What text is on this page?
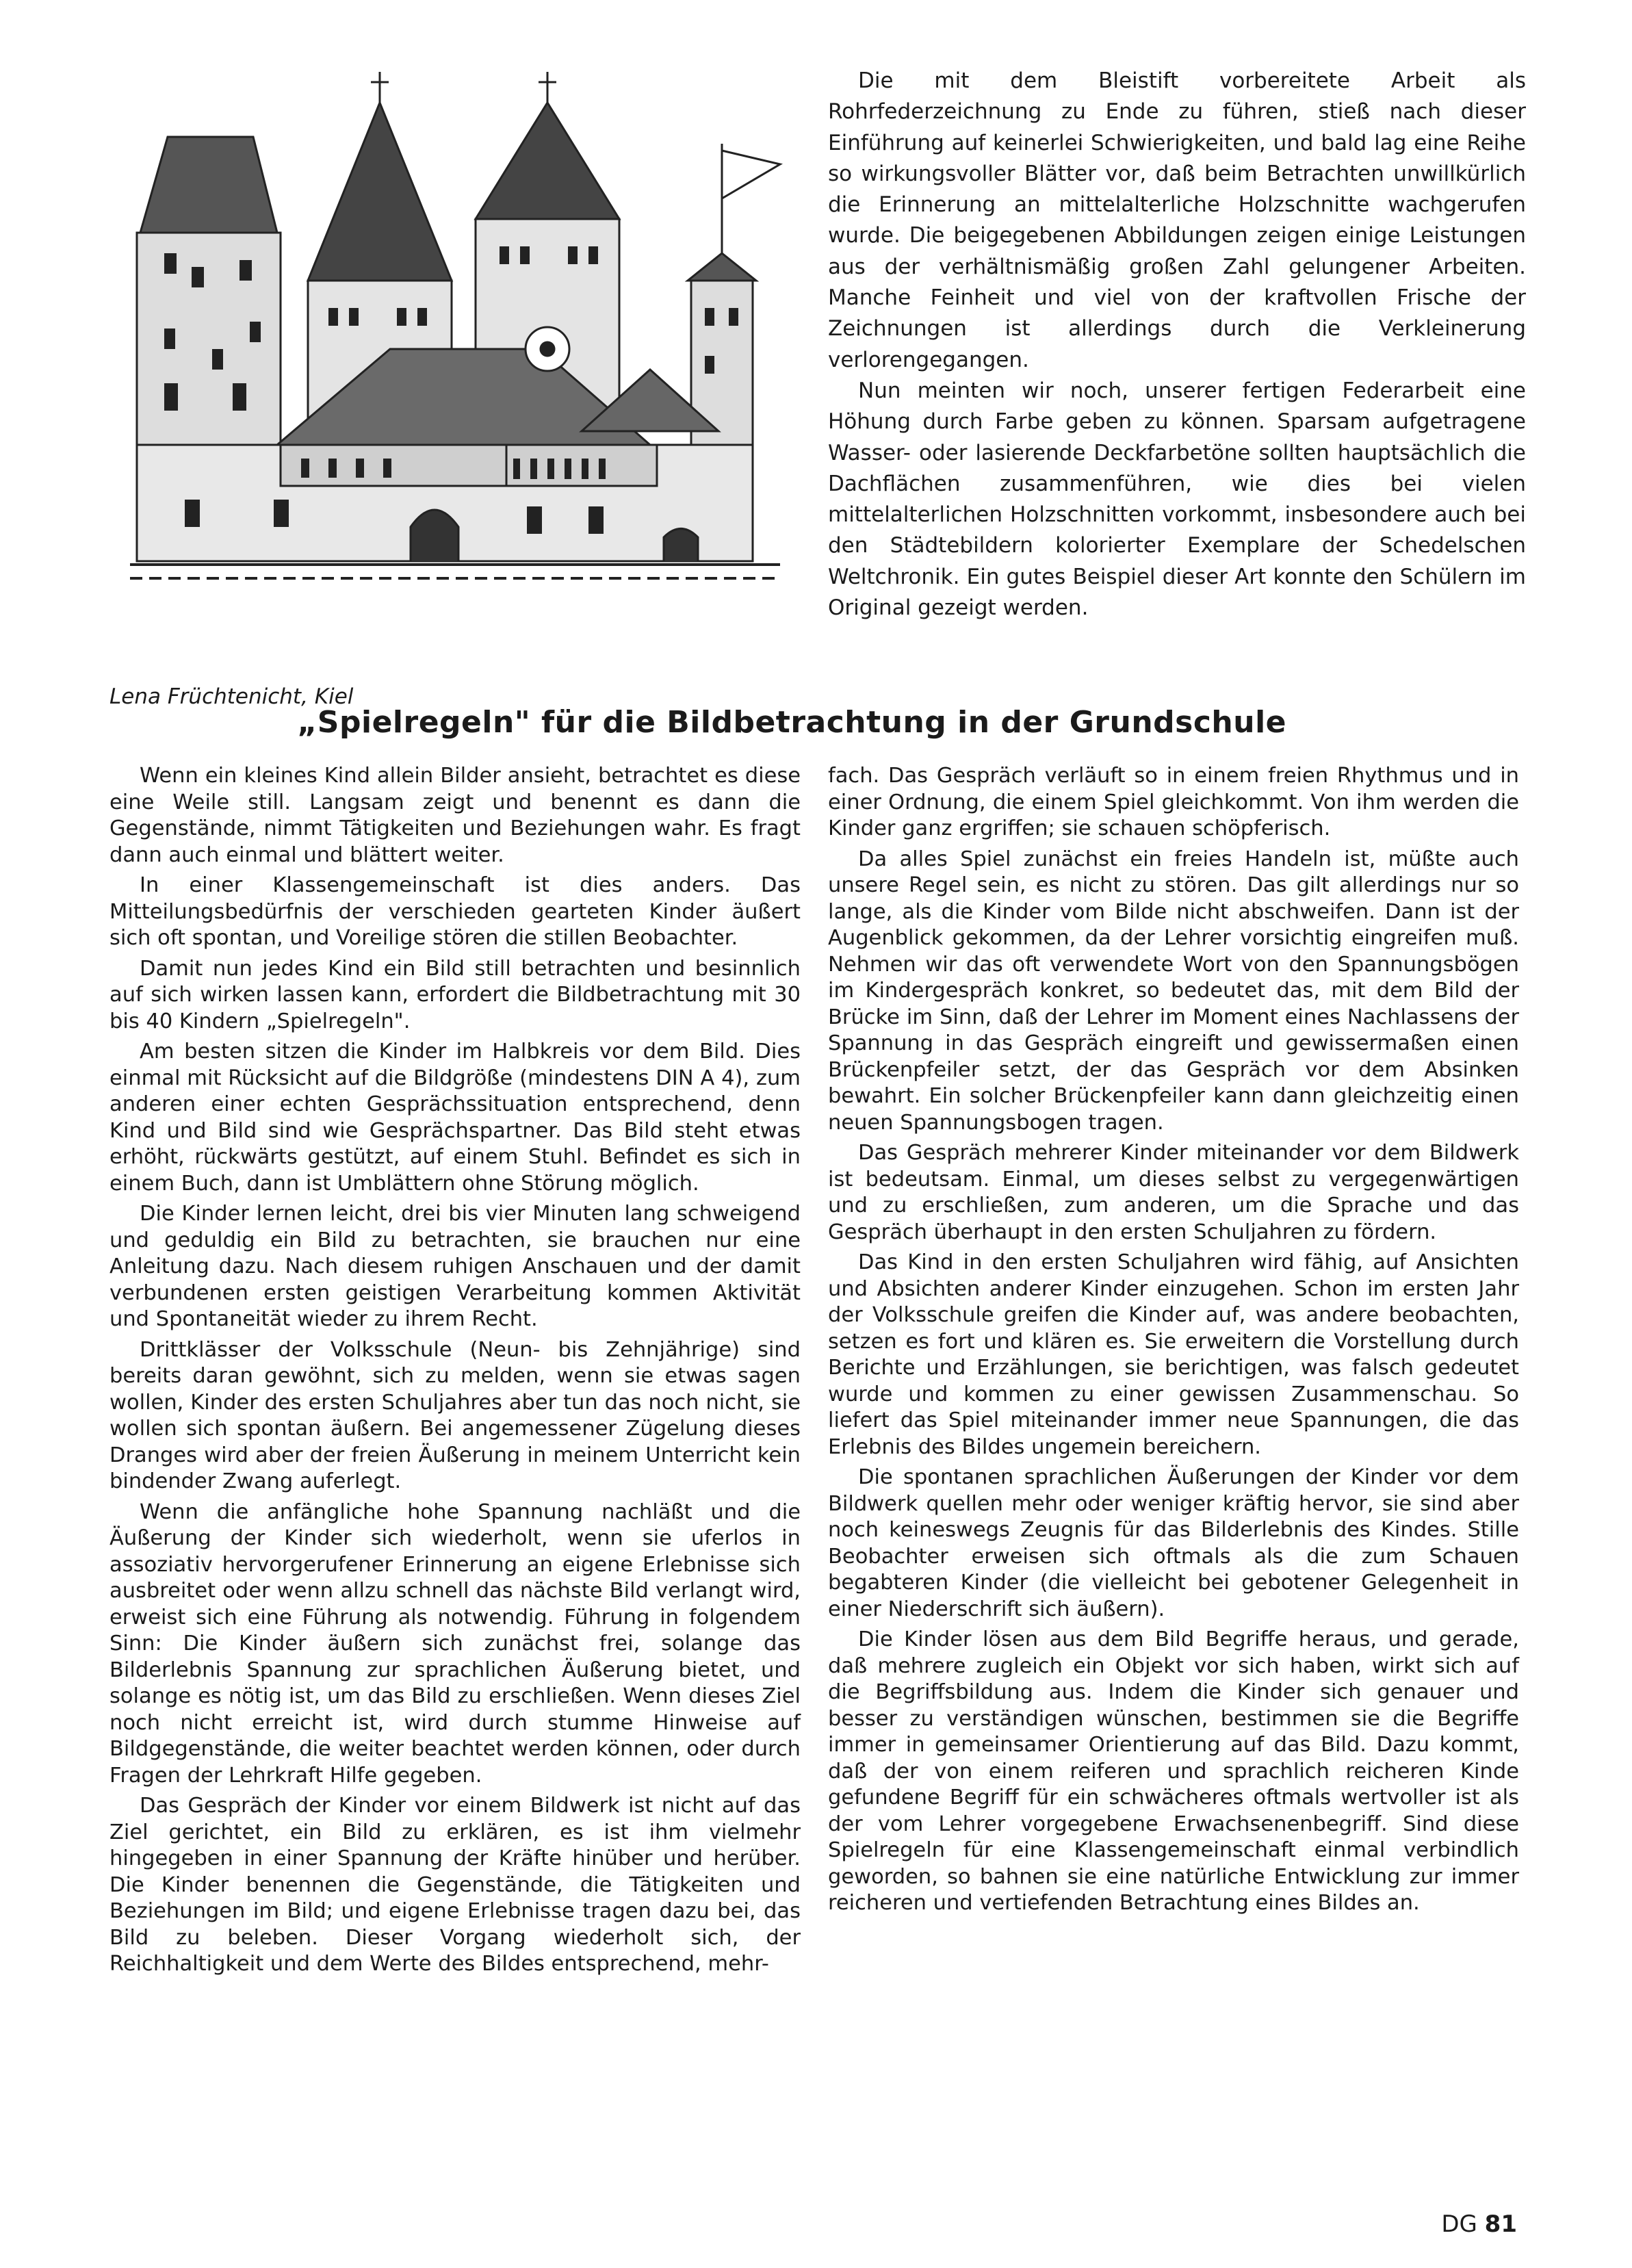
Die mit dem Bleistift vorbereitete Arbeit als Rohrfederzeichnung zu Ende zu führen, stieß nach dieser Einführung auf keinerlei Schwierigkeiten, und bald lag eine Reihe so wirkungsvoller Blätter vor, daß beim Betrachten unwillkürlich die Erinnerung an mittelalterliche Holzschnitte wachgerufen wurde. Die beigegebenen Abbildungen zeigen einige Leistungen aus der verhältnismäßig großen Zahl gelungener Arbeiten. Manche Feinheit und viel von der kraftvollen Frische der Zeichnungen ist allerdings durch die Verkleinerung verlorengegangen.

Nun meinten wir noch, unserer fertigen Federarbeit eine Höhung durch Farbe geben zu können. Sparsam aufgetragene Wasser- oder lasierende Deckfarbetöne sollten hauptsächlich die Dachflächen zusammenführen, wie dies bei vielen mittelalterlichen Holzschnitten vorkommt, insbesondere auch bei den Städtebildern kolorierter Exemplare der Schedelschen Weltchronik. Ein gutes Beispiel dieser Art konnte den Schülern im Original gezeigt werden.

Lena Früchtenicht, Kiel
„Spielregeln" für die Bildbetrachtung in der Grundschule

Wenn ein kleines Kind allein Bilder ansieht, betrachtet es diese eine Weile still. Langsam zeigt und benennt es dann die Gegenstände, nimmt Tätigkeiten und Beziehungen wahr. Es fragt dann auch einmal und blättert weiter.

In einer Klassengemeinschaft ist dies anders. Das Mitteilungsbedürfnis der verschieden gearteten Kinder äußert sich oft spontan, und Voreilige stören die stillen Beobachter.

Damit nun jedes Kind ein Bild still betrachten und besinnlich auf sich wirken lassen kann, erfordert die Bildbetrachtung mit 30 bis 40 Kindern „Spielregeln".

Am besten sitzen die Kinder im Halbkreis vor dem Bild. Dies einmal mit Rücksicht auf die Bildgröße (mindestens DIN A 4), zum anderen einer echten Gesprächssituation entsprechend, denn Kind und Bild sind wie Gesprächspartner. Das Bild steht etwas erhöht, rückwärts gestützt, auf einem Stuhl. Befindet es sich in einem Buch, dann ist Umblättern ohne Störung möglich.

Die Kinder lernen leicht, drei bis vier Minuten lang schweigend und geduldig ein Bild zu betrachten, sie brauchen nur eine Anleitung dazu. Nach diesem ruhigen Anschauen und der damit verbundenen ersten geistigen Verarbeitung kommen Aktivität und Spontaneität wieder zu ihrem Recht.

Drittklässer der Volksschule (Neun- bis Zehnjährige) sind bereits daran gewöhnt, sich zu melden, wenn sie etwas sagen wollen, Kinder des ersten Schuljahres aber tun das noch nicht, sie wollen sich spontan äußern. Bei angemessener Zügelung dieses Dranges wird aber der freien Äußerung in meinem Unterricht kein bindender Zwang auferlegt.

Wenn die anfängliche hohe Spannung nachläßt und die Äußerung der Kinder sich wiederholt, wenn sie uferlos in assoziativ hervorgerufener Erinnerung an eigene Erlebnisse sich ausbreitet oder wenn allzu schnell das nächste Bild verlangt wird, erweist sich eine Führung als notwendig. Führung in folgendem Sinn: Die Kinder äußern sich zunächst frei, solange das Bilderlebnis Spannung zur sprachlichen Äußerung bietet, und solange es nötig ist, um das Bild zu erschließen. Wenn dieses Ziel noch nicht erreicht ist, wird durch stumme Hinweise auf Bildgegenstände, die weiter beachtet werden können, oder durch Fragen der Lehrkraft Hilfe gegeben.

Das Gespräch der Kinder vor einem Bildwerk ist nicht auf das Ziel gerichtet, ein Bild zu erklären, es ist ihm vielmehr hingegeben in einer Spannung der Kräfte hinüber und herüber. Die Kinder benennen die Gegenstände, die Tätigkeiten und Beziehungen im Bild; und eigene Erlebnisse tragen dazu bei, das Bild zu beleben. Dieser Vorgang wiederholt sich, der Reichhaltigkeit und dem Werte des Bildes entsprechend, mehr-

fach. Das Gespräch verläuft so in einem freien Rhythmus und in einer Ordnung, die einem Spiel gleichkommt. Von ihm werden die Kinder ganz ergriffen; sie schauen schöpferisch.

Da alles Spiel zunächst ein freies Handeln ist, müßte auch unsere Regel sein, es nicht zu stören. Das gilt allerdings nur so lange, als die Kinder vom Bilde nicht abschweifen. Dann ist der Augenblick gekommen, da der Lehrer vorsichtig eingreifen muß. Nehmen wir das oft verwendete Wort von den Spannungsbögen im Kindergespräch konkret, so bedeutet das, mit dem Bild der Brücke im Sinn, daß der Lehrer im Moment eines Nachlassens der Spannung in das Gespräch eingreift und gewissermaßen einen Brückenpfeiler setzt, der das Gespräch vor dem Absinken bewahrt. Ein solcher Brückenpfeiler kann dann gleichzeitig einen neuen Spannungsbogen tragen.

Das Gespräch mehrerer Kinder miteinander vor dem Bildwerk ist bedeutsam. Einmal, um dieses selbst zu vergegenwärtigen und zu erschließen, zum anderen, um die Sprache und das Gespräch überhaupt in den ersten Schuljahren zu fördern.

Das Kind in den ersten Schuljahren wird fähig, auf Ansichten und Absichten anderer Kinder einzugehen. Schon im ersten Jahr der Volksschule greifen die Kinder auf, was andere beobachten, setzen es fort und klären es. Sie erweitern die Vorstellung durch Berichte und Erzählungen, sie berichtigen, was falsch gedeutet wurde und kommen zu einer gewissen Zusammenschau. So liefert das Spiel miteinander immer neue Spannungen, die das Erlebnis des Bildes ungemein bereichern.

Die spontanen sprachlichen Äußerungen der Kinder vor dem Bildwerk quellen mehr oder weniger kräftig hervor, sie sind aber noch keineswegs Zeugnis für das Bilderlebnis des Kindes. Stille Beobachter erweisen sich oftmals als die zum Schauen begabteren Kinder (die vielleicht bei gebotener Gelegenheit in einer Niederschrift sich äußern).

Die Kinder lösen aus dem Bild Begriffe heraus, und gerade, daß mehrere zugleich ein Objekt vor sich haben, wirkt sich auf die Begriffsbildung aus. Indem die Kinder sich genauer und besser zu verständigen wünschen, bestimmen sie die Begriffe immer in gemeinsamer Orientierung auf das Bild. Dazu kommt, daß der von einem reiferen und sprachlich reicheren Kinde gefundene Begriff für ein schwächeres oftmals wertvoller ist als der vom Lehrer vorgegebene Erwachsenenbegriff. Sind diese Spielregeln für eine Klassengemeinschaft einmal verbindlich geworden, so bahnen sie eine natürliche Entwicklung zur immer reicheren und vertiefenden Betrachtung eines Bildes an.

DG 81
